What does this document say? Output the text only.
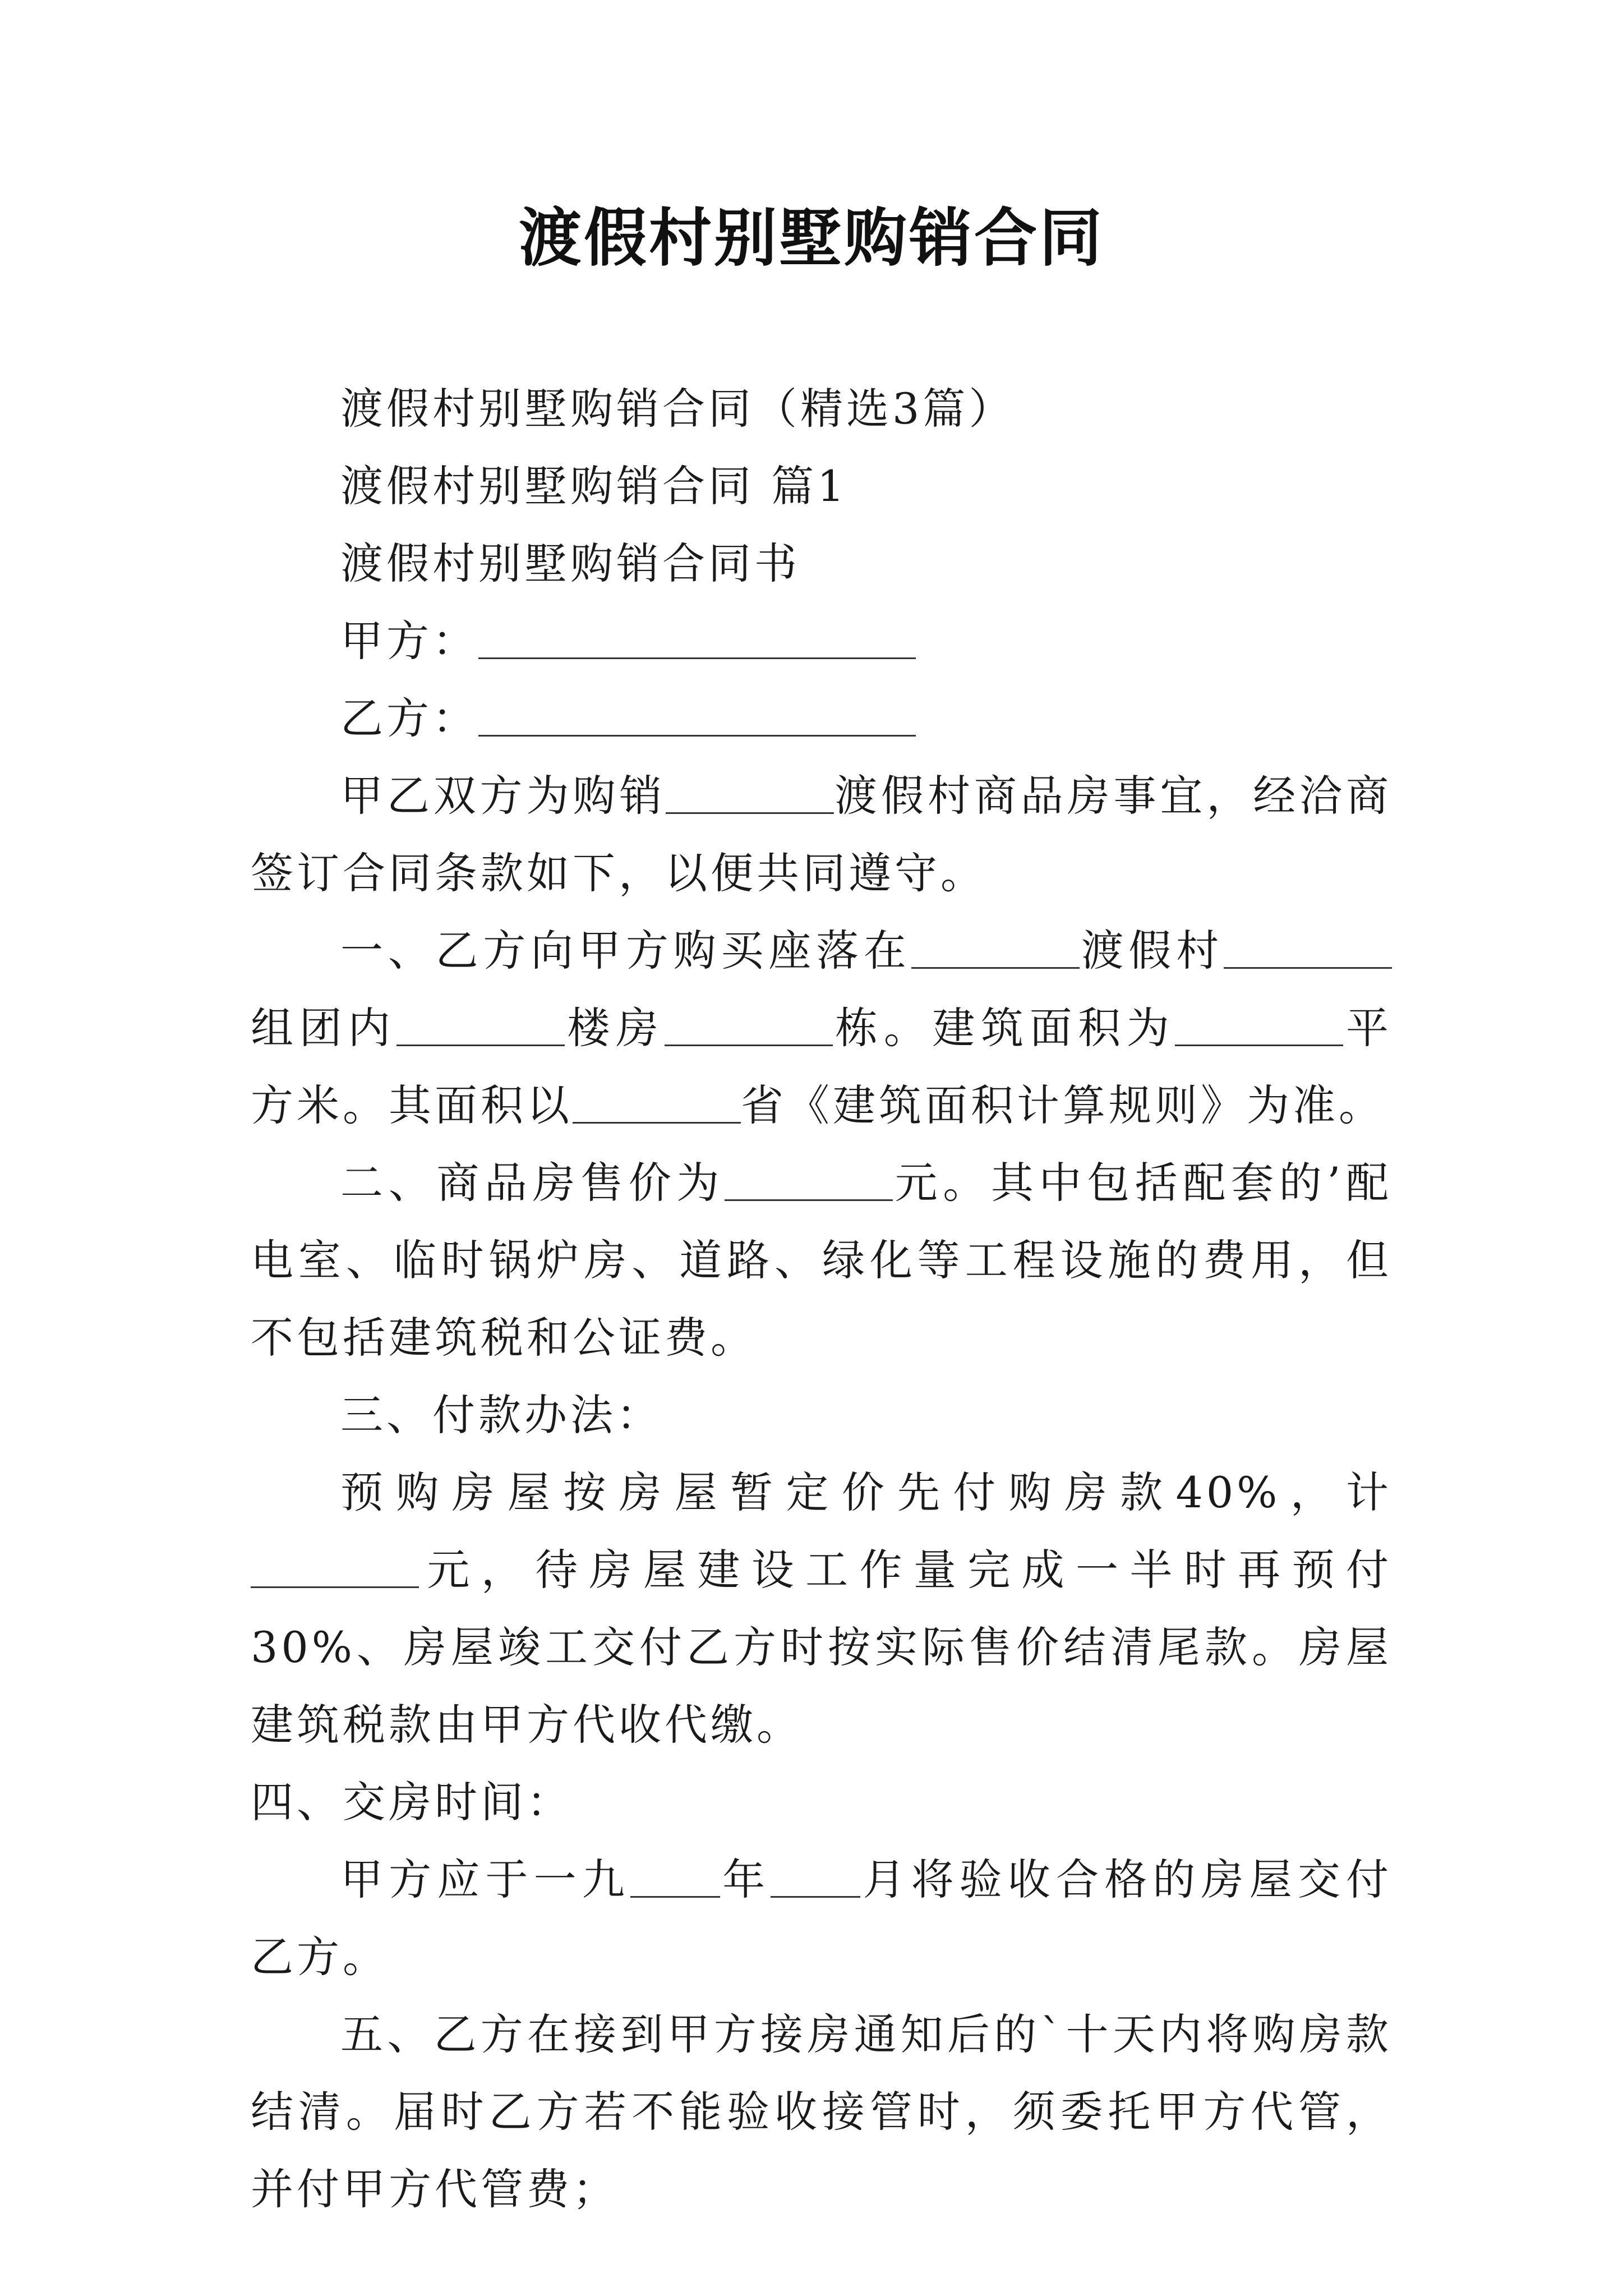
渡假村别墅购销合同

渡假村别墅购销合同（精选3篇）

渡假村别墅购销合同 篇1

渡假村别墅购销合同书

甲方：

乙方：

甲乙双方为购销	渡假村商品房事宜，经洽商签订合同条款如下，以便共同遵守。

一、乙方向甲方购买座落在	渡假村组团内	楼房	栋。建筑面积为	平方米。其面积以	省《建筑面积计算规则》为准。

二、商品房售价为	元。其中包括配套的’配电室、临时锅炉房、道路、绿化等工程设施的费用，但不包括建筑税和公证费。

三、付款办法：

预购房屋按房屋暂定价先付购房款40%，计元，待房屋建设工作量完成一半时再预付30%、房屋竣工交付乙方时按实际售价结清尾款。房屋建筑税款由甲方代收代缴。

四、交房时间：

甲方应于一九 年 月将验收合格的房屋交付乙方。

五、乙方在接到甲方接房通知后的`十天内将购房款结清。届时乙方若不能验收接管时，须委托甲方代管，并付甲方代管费；
